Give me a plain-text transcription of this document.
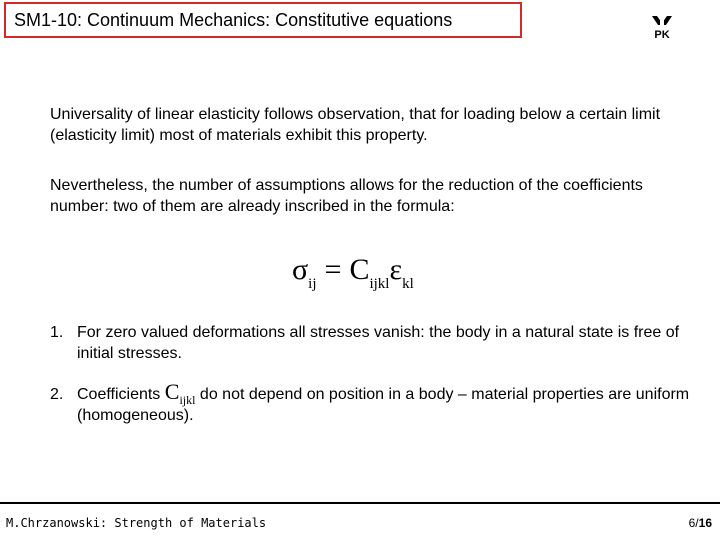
SM1-10: Continuum Mechanics: Constitutive equations
PK
Universality of linear elasticity follows observation, that for loading below a certain limit (elasticity limit) most of materials exhibit this property.
Nevertheless, the number of assumptions allows for the reduction of the coefficients number: two of them are already inscribed in the formula:
$\sigma_{ij} = C_{ijkl}\varepsilon_{kl}$
1. For zero valued deformations all stresses vanish: the body in a natural state is free of initial stresses.
2. Coefficients $C_{ijkl}$ do not depend on position in a body – material properties are uniform (homogeneous).
M.Chrzanowski: Strength of Materials	6/16
